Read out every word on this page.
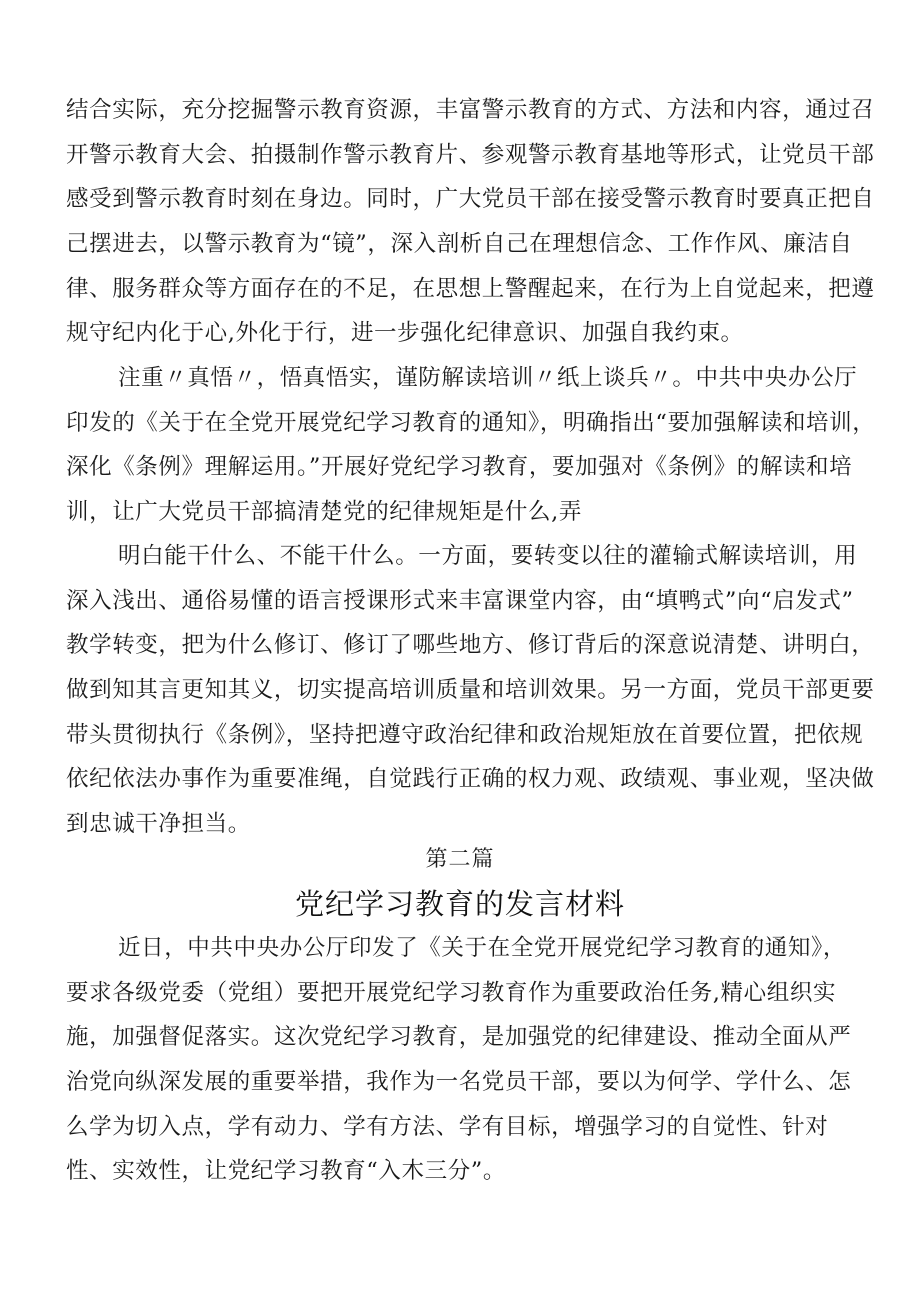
结合实际，充分挖掘警示教育资源，丰富警示教育的方式、方法和内容，通过召
开警示教育大会、拍摄制作警示教育片、参观警示教育基地等形式，让党员干部
感受到警示教育时刻在身边。同时，广大党员干部在接受警示教育时要真正把自
己摆进去，以警示教育为“镜”，深入剖析自己在理想信念、工作作风、廉洁自
律、服务群众等方面存在的不足，在思想上警醒起来，在行为上自觉起来，把遵
规守纪内化于心,外化于行，进一步强化纪律意识、加强自我约束。
注重〃真悟〃，悟真悟实，谨防解读培训〃纸上谈兵〃。中共中央办公厅
印发的《关于在全党开展党纪学习教育的通知》，明确指出“要加强解读和培训，
深化《条例》理解运用。”开展好党纪学习教育，要加强对《条例》的解读和培
训，让广大党员干部搞清楚党的纪律规矩是什么,弄
明白能干什么、不能干什么。一方面，要转变以往的灌输式解读培训，用
深入浅出、通俗易懂的语言授课形式来丰富课堂内容，由“填鸭式”向“启发式”
教学转变，把为什么修订、修订了哪些地方、修订背后的深意说清楚、讲明白，
做到知其言更知其义，切实提高培训质量和培训效果。另一方面，党员干部更要
带头贯彻执行《条例》，坚持把遵守政治纪律和政治规矩放在首要位置，把依规
依纪依法办事作为重要准绳，自觉践行正确的权力观、政绩观、事业观，坚决做
到忠诚干净担当。
第二篇
党纪学习教育的发言材料
近日，中共中央办公厅印发了《关于在全党开展党纪学习教育的通知》，
要求各级党委（党组）要把开展党纪学习教育作为重要政治任务,精心组织实
施，加强督促落实。这次党纪学习教育，是加强党的纪律建设、推动全面从严
治党向纵深发展的重要举措，我作为一名党员干部，要以为何学、学什么、怎
么学为切入点，学有动力、学有方法、学有目标，增强学习的自觉性、针对
性、实效性，让党纪学习教育“入木三分”。
